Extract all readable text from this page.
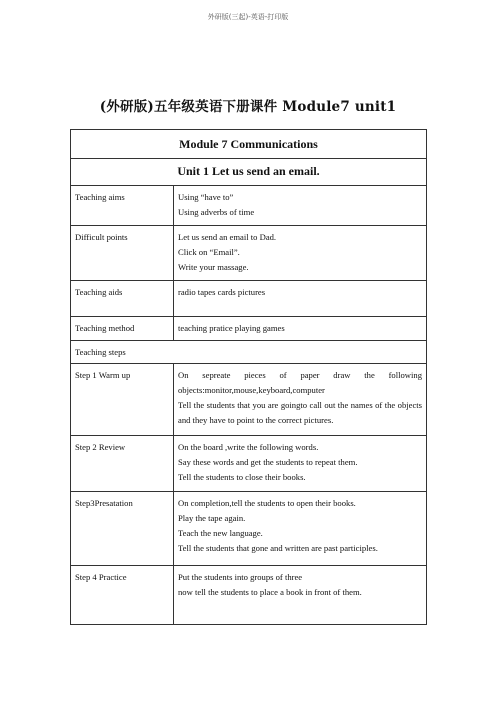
外研版(三起)-英语-打印版
(外研版)五年级英语下册课件 Module7 unit1
Module 7 Communications	
Unit 1 Let us send an email.	
Teaching aims	Using “have to”
Using adverbs of time

Difficult points	Let us send an email to Dad.
Click on “Email”.
Write your massage.

Teaching aids	radio tapes cards pictures

Teaching method	teaching pratice playing games

Teaching steps	
Step 1 Warm up	On sepreate pieces of paper draw the following objects:monitor,mouse,keyboard,computer
Tell the students that you are goingto call out the names of the objects and they have to point to the correct pictures.

Step 2 Review	On the board ,write the following words.
Say these words and get the students to repeat them.
Tell the students to close their books.

Step3Presatation	On completion,tell the students to open their books.
Play the tape again.
Teach the new language.
Tell the students that gone and written are past participles.

Step 4 Practice	Put the students into groups of three
now tell the students to place a book in front of them.
